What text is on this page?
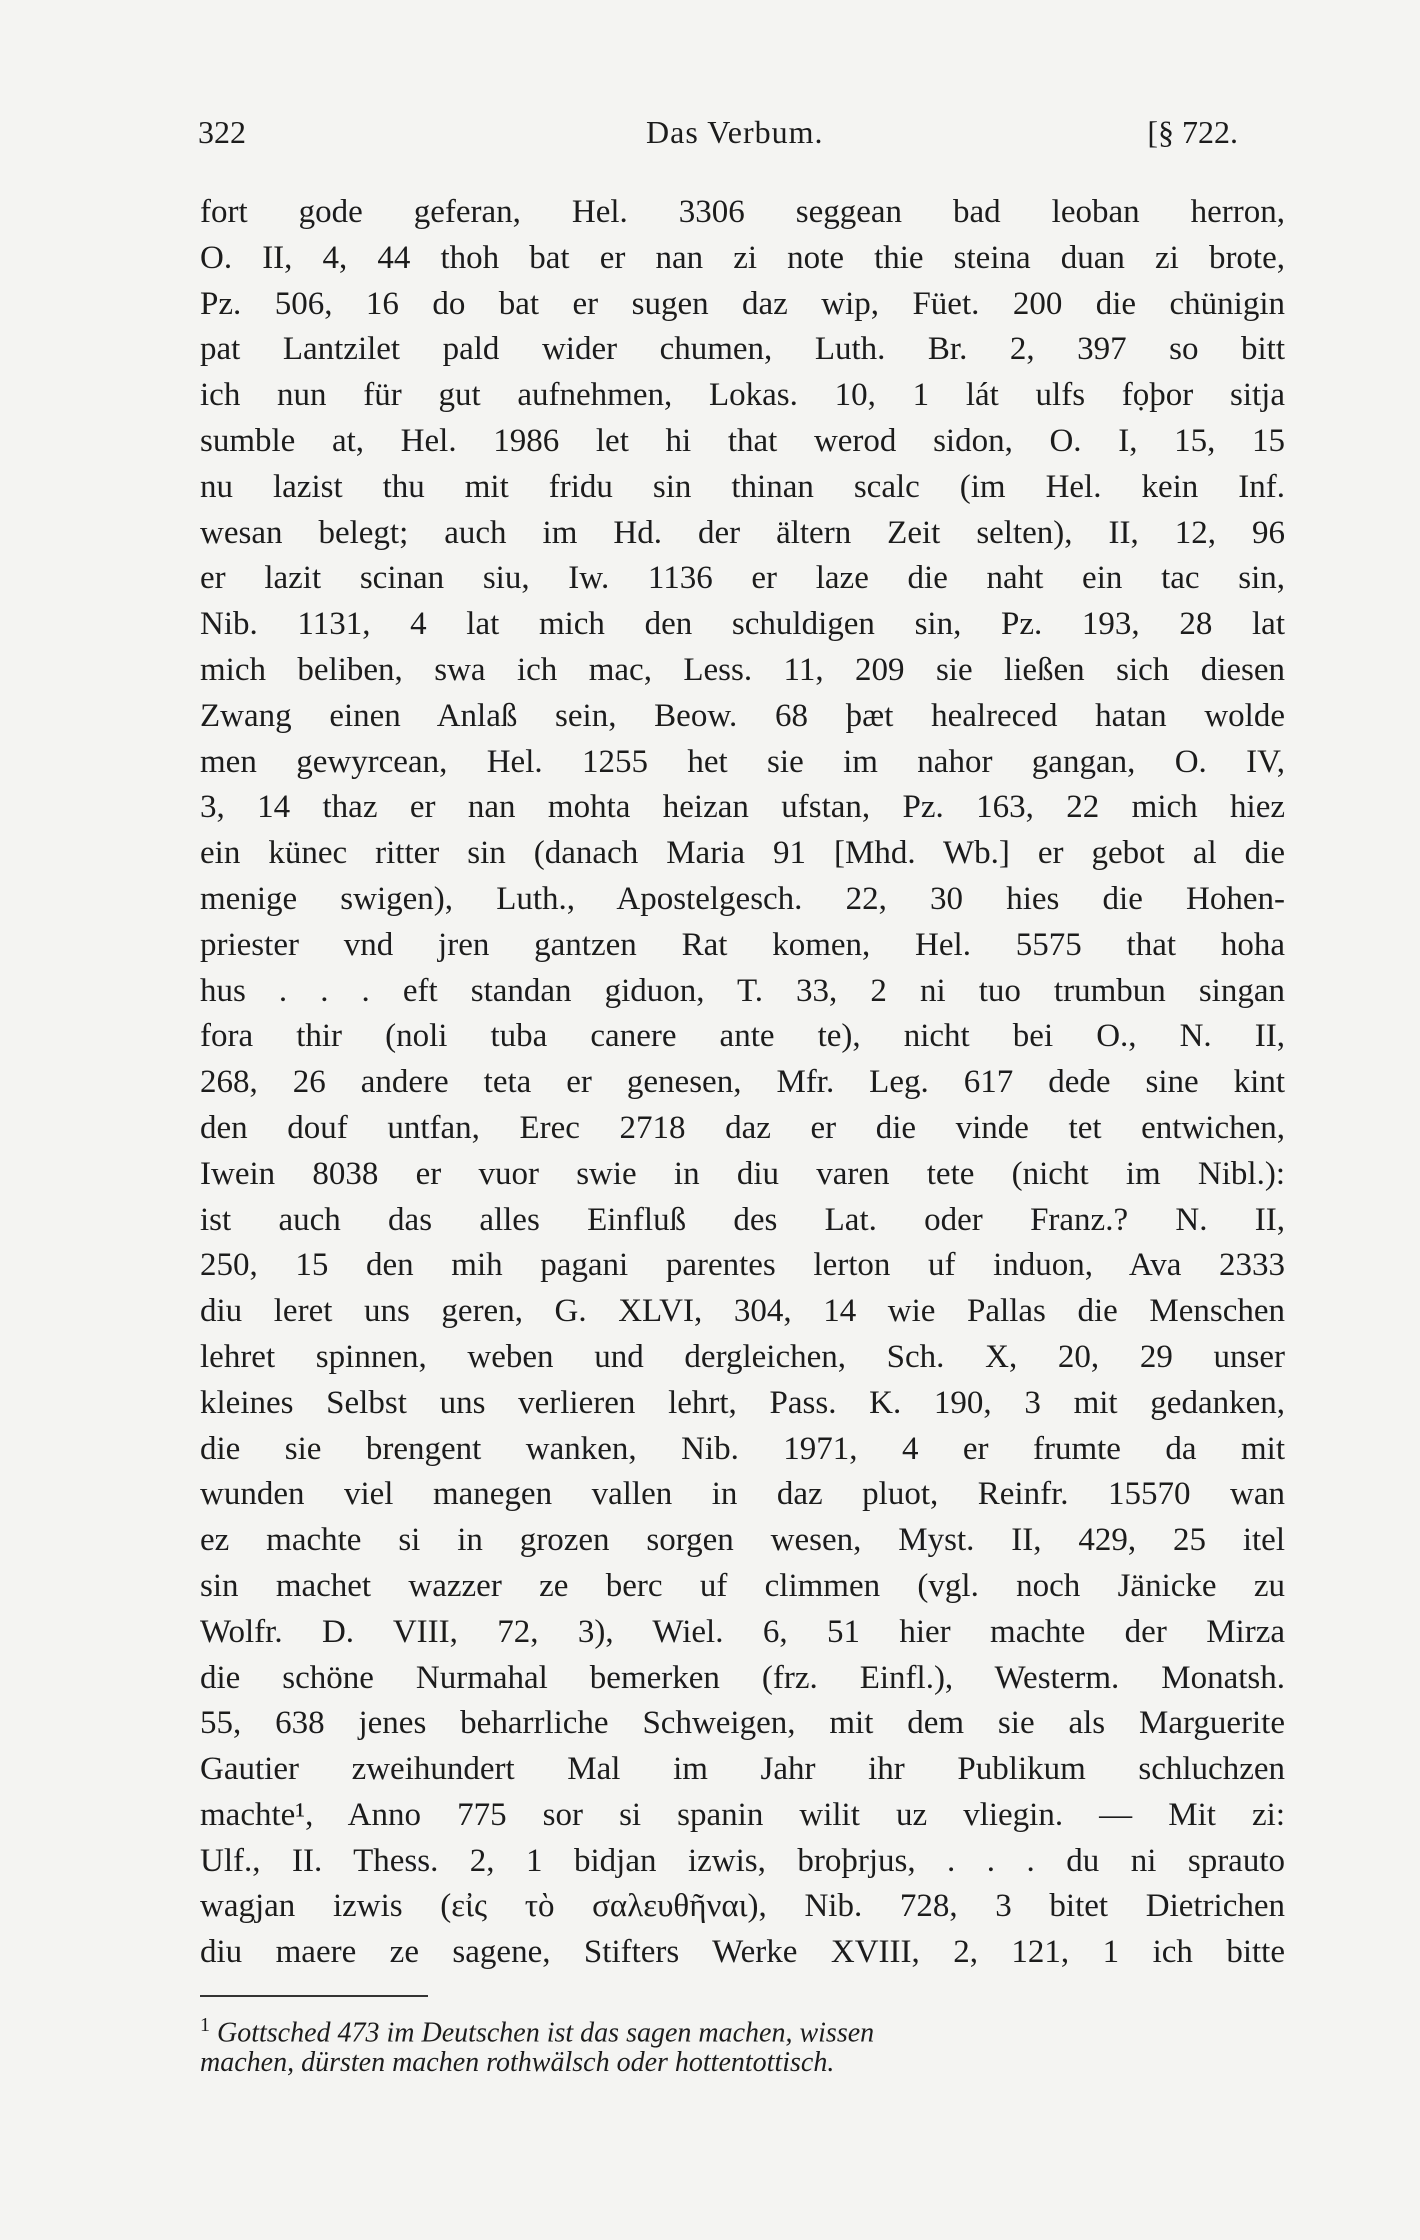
322	Das Verbum.	[§ 722.
fort gode geferan, Hel. 3306 seggean bad leoban herron,
O. II, 4, 44 thoh bat er nan zi note thie steina duan zi brote,
Pz. 506, 16 do bat er sugen daz wip, Füet. 200 die chünigin
pat Lantzilet pald wider chumen, Luth. Br. 2, 397 so bitt
ich nun für gut aufnehmen, Lokas. 10, 1 lát ulfs fọþor sitja
sumble at, Hel. 1986 let hi that werod sidon, O. I, 15, 15
nu lazist thu mit fridu sin thinan scalc (im Hel. kein Inf.
wesan belegt; auch im Hd. der ältern Zeit selten), II, 12, 96
er lazit scinan siu, Iw. 1136 er laze die naht ein tac sin,
Nib. 1131, 4 lat mich den schuldigen sin, Pz. 193, 28 lat
mich beliben, swa ich mac, Less. 11, 209 sie ließen sich diesen
Zwang einen Anlaß sein, Beow. 68 þæt healreced hatan wolde
men gewyrcean, Hel. 1255 het sie im nahor gangan, O. IV,
3, 14 thaz er nan mohta heizan ufstan, Pz. 163, 22 mich hiez
ein künec ritter sin (danach Maria 91 [Mhd. Wb.] er gebot al die
menige swigen), Luth., Apostelgesch. 22, 30 hies die Hohen-
priester vnd jren gantzen Rat komen, Hel. 5575 that hoha
hus . . . eft standan giduon, T. 33, 2 ni tuo trumbun singan
fora thir (noli tuba canere ante te), nicht bei O., N. II,
268, 26 andere teta er genesen, Mfr. Leg. 617 dede sine kint
den douf untfan, Erec 2718 daz er die vinde tet entwichen,
Iwein 8038 er vuor swie in diu varen tete (nicht im Nibl.):
ist auch das alles Einfluß des Lat. oder Franz.? N. II,
250, 15 den mih pagani parentes lerton uf induon, Ava 2333
diu leret uns geren, G. XLVI, 304, 14 wie Pallas die Menschen
lehret spinnen, weben und dergleichen, Sch. X, 20, 29 unser
kleines Selbst uns verlieren lehrt, Pass. K. 190, 3 mit gedanken,
die sie brengent wanken, Nib. 1971, 4 er frumte da mit
wunden viel manegen vallen in daz pluot, Reinfr. 15570 wan
ez machte si in grozen sorgen wesen, Myst. II, 429, 25 itel
sin machet wazzer ze berc uf climmen (vgl. noch Jänicke zu
Wolfr. D. VIII, 72, 3), Wiel. 6, 51 hier machte der Mirza
die schöne Nurmahal bemerken (frz. Einfl.), Westerm. Monatsh.
55, 638 jenes beharrliche Schweigen, mit dem sie als Marguerite
Gautier zweihundert Mal im Jahr ihr Publikum schluchzen
machte¹, Anno 775 sor si spanin wilit uz vliegin. — Mit zi:
Ulf., II. Thess. 2, 1 bidjan izwis, broþrjus, . . . du ni sprauto
wagjan izwis (εἰς τὸ σαλευθῆναι), Nib. 728, 3 bitet Dietrichen
diu maere ze sagene, Stifters Werke XVIII, 2, 121, 1 ich bitte
$^1$ Gottsched 473 im Deutschen ist das sagen machen, wissen
machen, dürsten machen rothwälsch oder hottentottisch.
